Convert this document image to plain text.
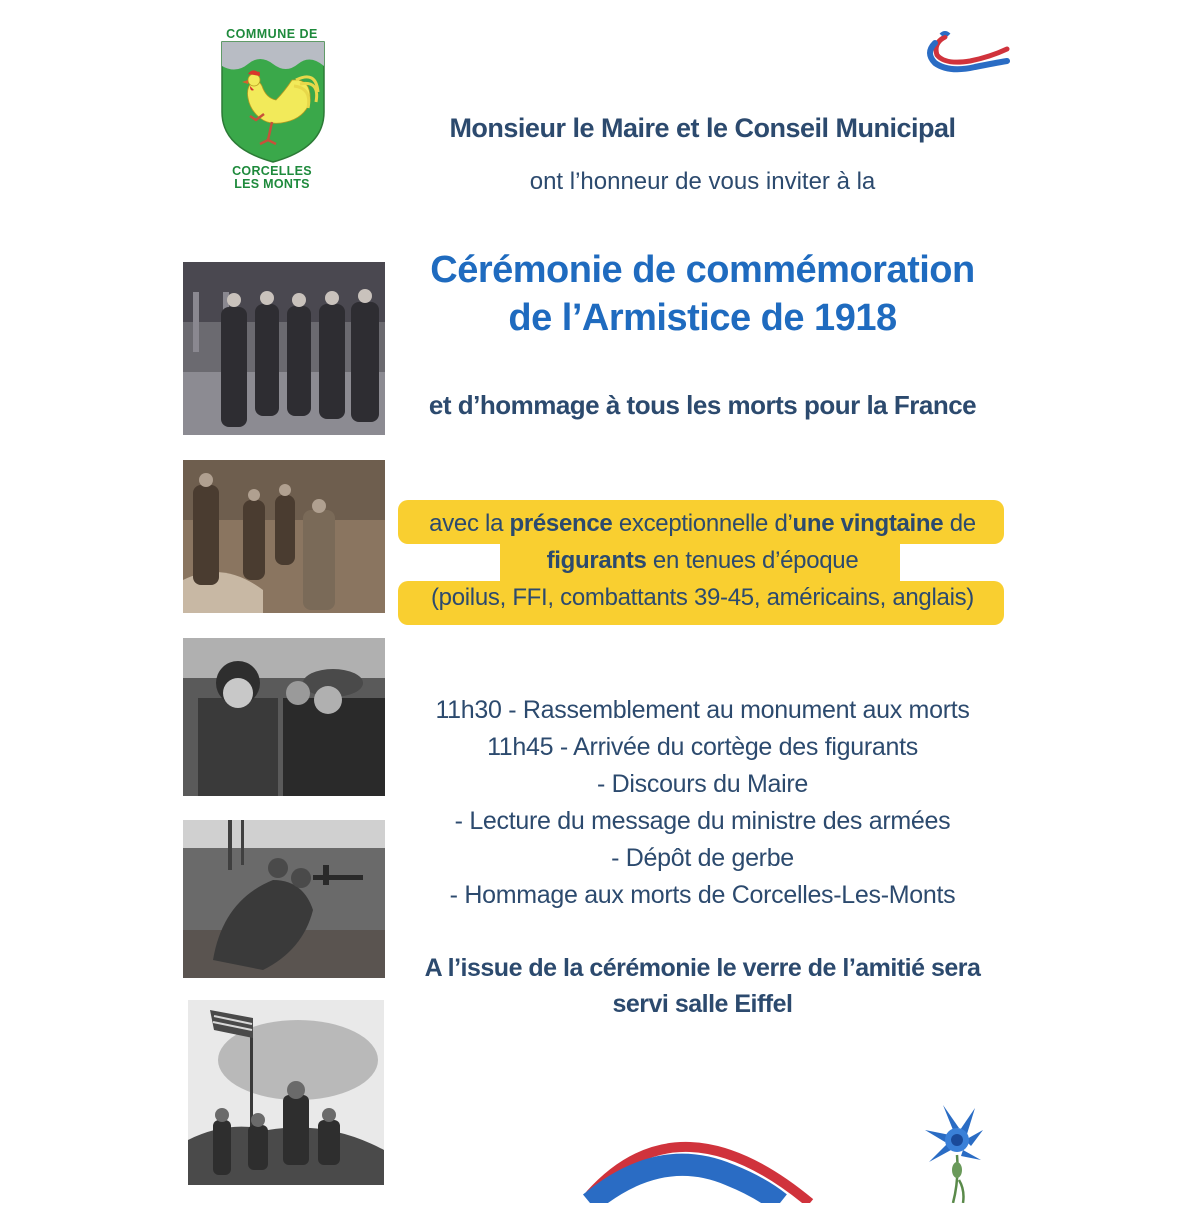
COMMUNE DE
CORCELLES
LES MONTS
Monsieur le Maire et le Conseil Municipal
ont l’honneur de vous inviter à la
Cérémonie de commémoration
de l’Armistice de 1918
et d’hommage à tous les morts pour la France
avec la présence exceptionnelle d’une vingtaine de
figurants en tenues d’époque
(poilus, FFI, combattants 39-45, américains, anglais)
11h30 - Rassemblement au monument aux morts
11h45 - Arrivée du cortège des figurants
- Discours du Maire
- Lecture du message du ministre des armées
- Dépôt de gerbe
- Hommage aux morts de Corcelles-Les-Monts
A l’issue de la cérémonie le verre de l’amitié sera
servi salle Eiffel
